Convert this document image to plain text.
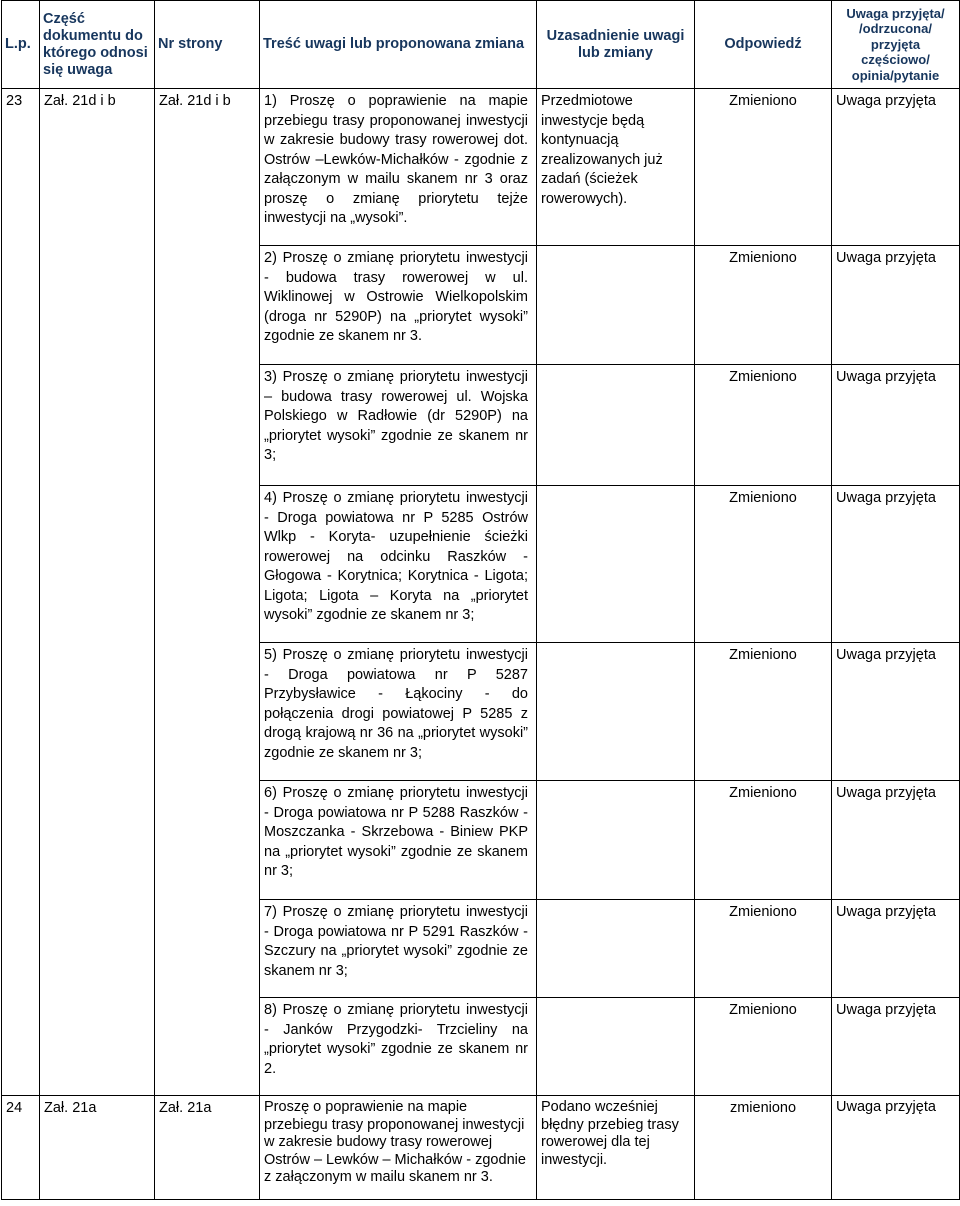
L.p.	Część dokumentu do którego odnosi się uwaga	Nr strony	Treść uwagi lub proponowana zmiana	Uzasadnienie uwagi lub zmiany	Odpowiedź	Uwaga przyjęta/ /odrzucona/ przyjęta częściowo/ opinia/pytanie
23	Zał. 21d i b	Zał. 21d i b	1) Proszę o poprawienie na mapie przebiegu trasy proponowanej inwestycji w zakresie budowy trasy rowerowej dot. Ostrów –Lewków-Michałków - zgodnie z załączonym w mailu skanem nr 3 oraz proszę o zmianę priorytetu tejże inwestycji na „wysoki”.	Przedmiotowe inwestycje będą kontynuacją zrealizowanych już zadań (ścieżek rowerowych).	Zmieniono	Uwaga przyjęta
			2) Proszę o zmianę priorytetu inwestycji - budowa trasy rowerowej w ul. Wiklinowej w Ostrowie Wielkopolskim (droga nr 5290P) na „priorytet wysoki” zgodnie ze skanem nr 3.		Zmieniono	Uwaga przyjęta
			3) Proszę o zmianę priorytetu inwestycji – budowa trasy rowerowej ul. Wojska Polskiego w Radłowie (dr 5290P) na „priorytet wysoki” zgodnie ze skanem nr 3;		Zmieniono	Uwaga przyjęta
			4) Proszę o zmianę priorytetu inwestycji - Droga powiatowa nr P 5285 Ostrów Wlkp - Koryta- uzupełnienie ścieżki rowerowej na odcinku Raszków - Głogowa - Korytnica; Korytnica - Ligota; Ligota; Ligota – Koryta na „priorytet wysoki” zgodnie ze skanem nr 3;		Zmieniono	Uwaga przyjęta
			5) Proszę o zmianę priorytetu inwestycji - Droga powiatowa nr P 5287 Przybysławice - Łąkociny - do połączenia drogi powiatowej P 5285 z drogą krajową nr 36 na „priorytet wysoki” zgodnie ze skanem nr 3;		Zmieniono	Uwaga przyjęta
			6) Proszę o zmianę priorytetu inwestycji - Droga powiatowa nr P 5288 Raszków - Moszczanka - Skrzebowa - Biniew PKP na „priorytet wysoki” zgodnie ze skanem nr 3;		Zmieniono	Uwaga przyjęta
			7) Proszę o zmianę priorytetu inwestycji - Droga powiatowa nr P 5291 Raszków - Szczury na „priorytet wysoki” zgodnie ze skanem nr 3;		Zmieniono	Uwaga przyjęta
			8) Proszę o zmianę priorytetu inwestycji - Janków Przygodzki- Trzcieliny na „priorytet wysoki” zgodnie ze skanem nr 2.		Zmieniono	Uwaga przyjęta
24	Zał. 21a	Zał. 21a	Proszę o poprawienie na mapie przebiegu trasy proponowanej inwestycji w zakresie budowy trasy rowerowej Ostrów – Lewków – Michałków - zgodnie z załączonym w mailu skanem nr 3.	Podano wcześniej błędny przebieg trasy rowerowej dla tej inwestycji.	zmieniono	Uwaga przyjęta
